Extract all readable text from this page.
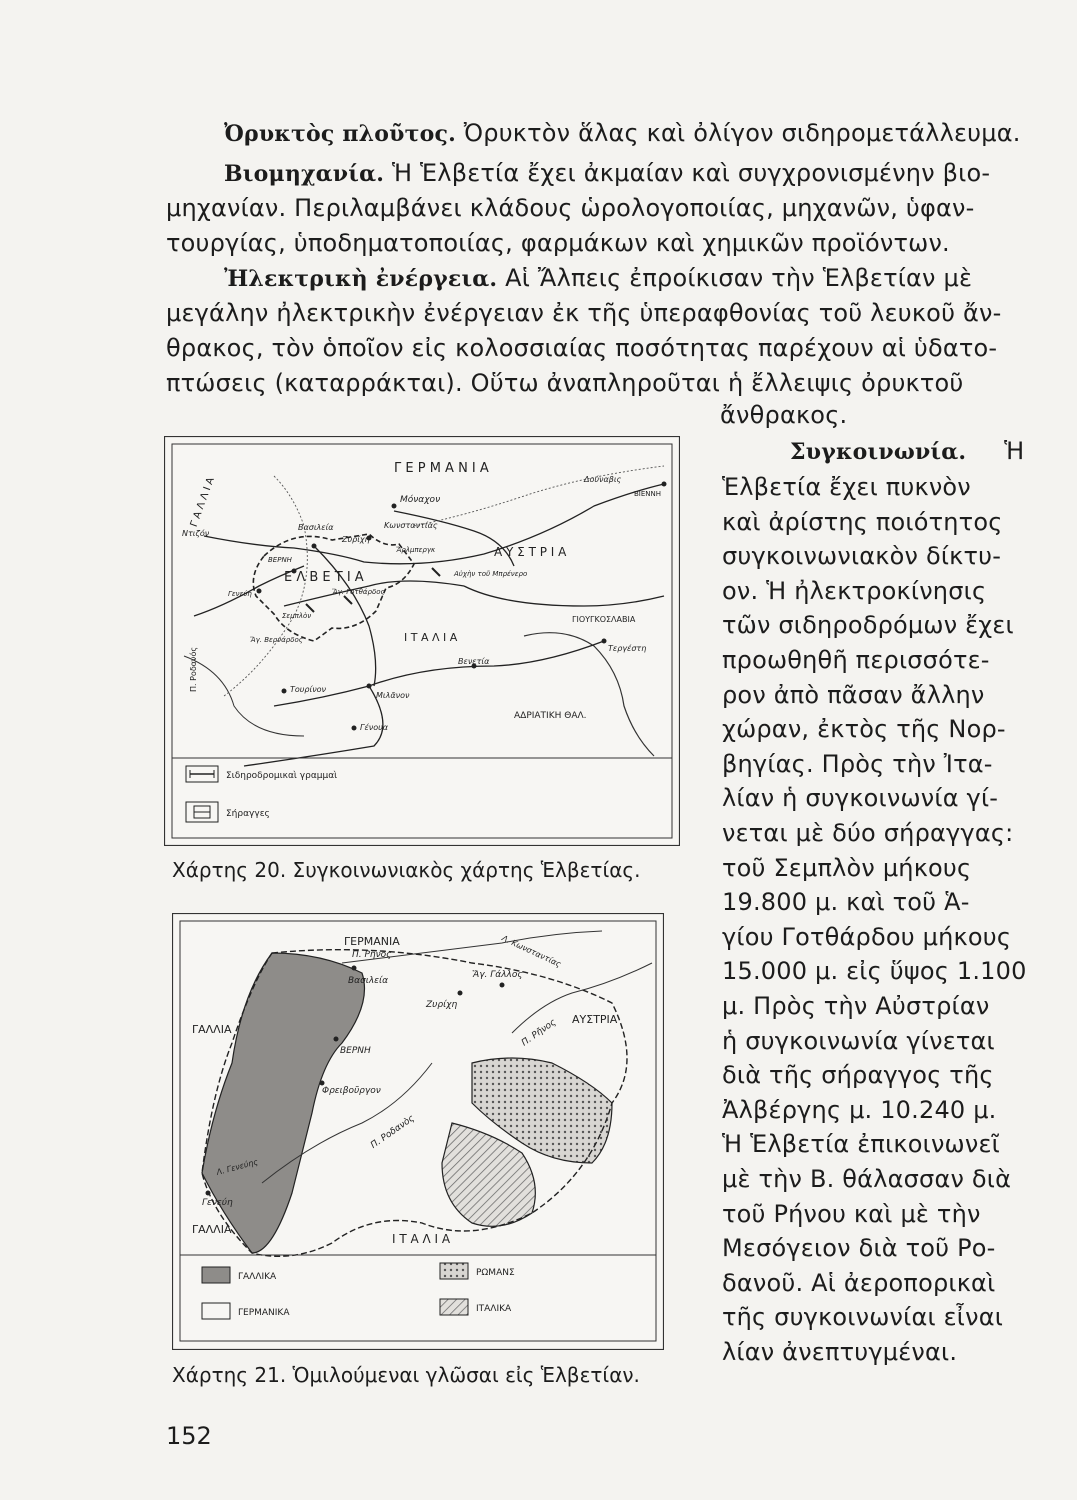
Ὀρυκτὸς πλοῦτος. Ὀρυκτὸν ἅλας καὶ ὀλίγον σιδηρομετάλλευμα.
Βιομηχανία. Ἡ Ἑλβετία ἔχει ἀκμαίαν καὶ συγχρονισμένην βιο-
μηχανίαν. Περιλαμβάνει κλάδους ὡρολογοποιίας, μηχανῶν, ὑφαν-
τουργίας, ὑποδηματοποιίας, φαρμάκων καὶ χημικῶν προϊόντων.
Ἠλεκτρικὴ ἐνέργεια. Αἱ Ἄλπεις ἐπροίκισαν τὴν Ἑλβετίαν μὲ
μεγάλην ἠλεκτρικὴν ἐνέργειαν ἐκ τῆς ὑπεραφθονίας τοῦ λευκοῦ ἄν-
θρακος, τὸν ὁποῖον εἰς κολοσσιαίας ποσότητας παρέχουν αἱ ὑδατο-
πτώσεις (καταρράκται). Οὕτω ἀναπληροῦται ἡ ἔλλειψις ὀρυκτοῦ
ἄνθρακος.
Συγκοινωνία. Ἡ
Ἑλβετία ἔχει πυκνὸν
καὶ ἀρίστης ποιότητος
συγκοινωνιακὸν δίκτυ-
ον. Ἡ ἠλεκτροκίνησις
τῶν σιδηροδρόμων ἔχει
προωθηθῆ περισσότε-
ρον ἀπὸ πᾶσαν ἄλλην
χώραν, ἐκτὸς τῆς Νορ-
βηγίας. Πρὸς τὴν Ἰτα-
λίαν ἡ συγκοινωνία γί-
νεται μὲ δύο σήραγγας:
τοῦ Σεμπλὸν μήκους
19.800 μ. καὶ τοῦ Ἁ-
γίου Γοτθάρδου μήκους
15.000 μ. εἰς ὕψος 1.100
μ. Πρὸς τὴν Αὐστρίαν
ἡ συγκοινωνία γίνεται
διὰ τῆς σήραγγος τῆς
Ἀλβέργης μ. 10.240 μ.
Ἡ Ἑλβετία ἐπικοινωνεῖ
μὲ τὴν Β. θάλασσαν διὰ
τοῦ Ρήνου καὶ μὲ τὴν
Μεσόγειον διὰ τοῦ Ρο-
δανοῦ. Αἱ ἀεροπορικαὶ
τῆς συγκοινωνίαι εἶναι
λίαν ἀνεπτυγμέναι.
Γ Ε Ρ Μ Α Ν Ι Α
Α Υ Σ Τ Ρ Ι Α
Ε Λ Β Ε Τ Ι Α
Ι Τ Α Λ Ι Α
Γ Α Λ Λ Ι Α
ΓΙΟΥΓΚΟΣΛΑΒΙΑ
ΑΔΡΙΑΤΙΚΗ ΘΑΛ.
Μόναχον
ΒΙΕΝΝΗ
Βασιλεία
Ζυρίχη
Κωνσταντίας
Ἄρλμπεργκ
Αὐχὴν τοῦ Μπρένερο
ΒΕΡΝΗ
Γενεύη	Ἅγ. Γοτθάρδος
Σεμπλὸν
Ἅγ. Βερνάρδος
Μιλᾶνον
Βενετία
Τεργέστη
Τουρίνον
Γένουα
Ντιζόν
Π. Ροδανός
Δούναβις
Σιδηροδρομικαὶ γραμμαὶ
Σήραγγες
Χάρτης 20. Συγκοινωνιακὸς χάρτης Ἑλβετίας.
ΓΕΡΜΑΝΙΑ
ΑΥΣΤΡΙΑ
ΓΑΛΛΙΑ
ΓΑΛΛΙΑ
Ι Τ Α Λ Ι Α
Π. Ρῆνος
Π. Ρῆνος
Βασιλεία
Ζυρίχη
Ἅγ. Γάλλος
ΒΕΡΝΗ
Φρειβοῦργον
Π. Ροδανὸς
Γενεύη
Λ. Γενεύης
Λ. Κωνσταντίας
ΓΑΛΛΙΚΑ
ΓΕΡΜΑΝΙΚΑ
ΡΩΜΑΝΣ
ΙΤΑΛΙΚΑ
Χάρτης 21. Ὁμιλούμεναι γλῶσαι εἰς Ἑλβετίαν.
152
